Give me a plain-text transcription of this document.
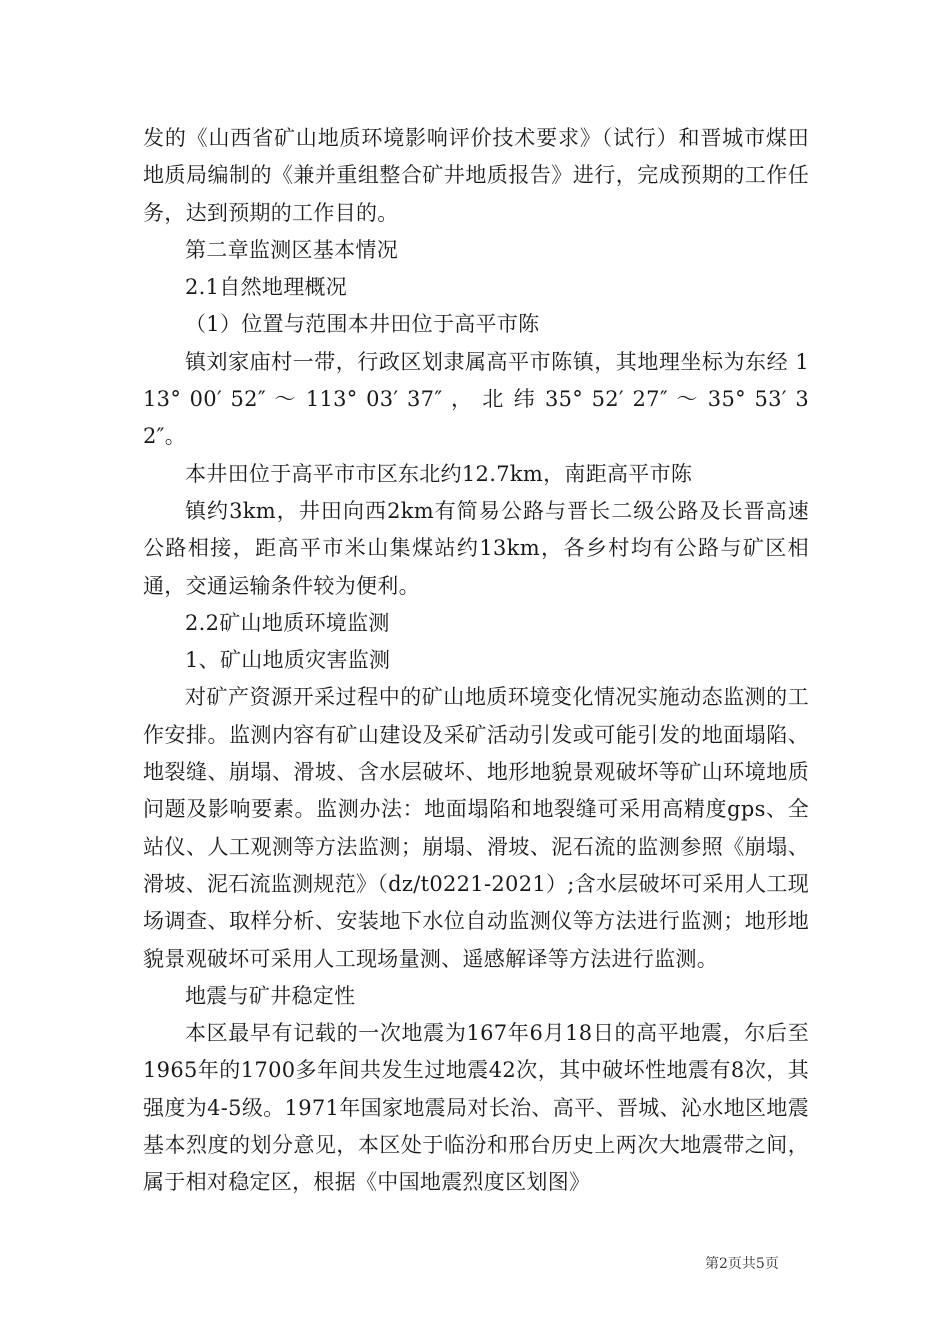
发的《山西省矿山地质环境影响评价技术要求》（试行）和晋城市煤田地质局编制的《兼并重组整合矿井地质报告》进行，完成预期的工作任务，达到预期的工作目的。

第二章监测区基本情况

2.1自然地理概况

（1）位置与范围本井田位于高平市陈

镇刘家庙村一带，行政区划隶属高平市陈镇，其地理坐标为东经 113° 00′ 52″ ～ 113° 03′ 37″ ， 北 纬 35° 52′ 27″ ～ 35° 53′ 32″。

本井田位于高平市市区东北约12.7km，南距高平市陈

镇约3km，井田向西2km有简易公路与晋长二级公路及长晋高速公路相接，距高平市米山集煤站约13km，各乡村均有公路与矿区相通，交通运输条件较为便利。

2.2矿山地质环境监测

1、矿山地质灾害监测

对矿产资源开采过程中的矿山地质环境变化情况实施动态监测的工作安排。监测内容有矿山建设及采矿活动引发或可能引发的地面塌陷、地裂缝、崩塌、滑坡、含水层破坏、地形地貌景观破坏等矿山环境地质问题及影响要素。监测办法：地面塌陷和地裂缝可采用高精度gps、全站仪、人工观测等方法监测；崩塌、滑坡、泥石流的监测参照《崩塌、滑坡、泥石流监测规范》（dz/t0221-2021）;含水层破坏可采用人工现场调查、取样分析、安装地下水位自动监测仪等方法进行监测；地形地貌景观破坏可采用人工现场量测、遥感解译等方法进行监测。

地震与矿井稳定性

本区最早有记载的一次地震为167年6月18日的高平地震，尔后至1965年的1700多年间共发生过地震42次，其中破坏性地震有8次，其强度为4-5级。1971年国家地震局对长治、高平、晋城、沁水地区地震基本烈度的划分意见，本区处于临汾和邢台历史上两次大地震带之间，属于相对稳定区，根据《中国地震烈度区划图》

第2页共5页
